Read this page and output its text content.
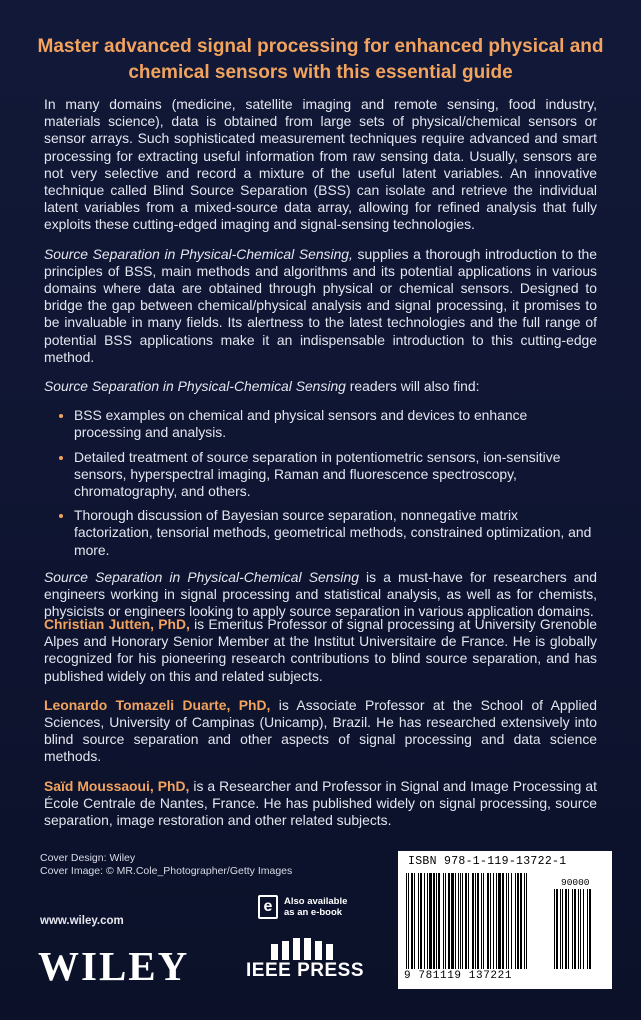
Master advanced signal processing for enhanced physical and chemical sensors with this essential guide

In many domains (medicine, satellite imaging and remote sensing, food industry, materials science), data is obtained from large sets of physical/chemical sensors or sensor arrays. Such sophisticated measurement techniques require advanced and smart processing for extracting useful information from raw sensing data. Usually, sensors are not very selective and record a mixture of the useful latent variables. An innovative technique called Blind Source Separation (BSS) can isolate and retrieve the individual latent variables from a mixed-source data array, allowing for refined analysis that fully exploits these cutting-edged imaging and signal-sensing technologies.

Source Separation in Physical-Chemical Sensing, supplies a thorough introduction to the principles of BSS, main methods and algorithms and its potential applications in various domains where data are obtained through physical or chemical sensors. Designed to bridge the gap between chemical/physical analysis and signal processing, it promises to be invaluable in many fields. Its alertness to the latest technologies and the full range of potential BSS applications make it an indispensable introduction to this cutting-edge method.

Source Separation in Physical-Chemical Sensing readers will also find:

• BSS examples on chemical and physical sensors and devices to enhance processing and analysis.
• Detailed treatment of source separation in potentiometric sensors, ion-sensitive sensors, hyperspectral imaging, Raman and fluorescence spectroscopy, chromatography, and others.
• Thorough discussion of Bayesian source separation, nonnegative matrix factorization, tensorial methods, geometrical methods, constrained optimization, and more.

Source Separation in Physical-Chemical Sensing is a must-have for researchers and engineers working in signal processing and statistical analysis, as well as for chemists, physicists or engineers looking to apply source separation in various application domains.

Christian Jutten, PhD, is Emeritus Professor of signal processing at University Grenoble Alpes and Honorary Senior Member at the Institut Universitaire de France. He is globally recognized for his pioneering research contributions to blind source separation, and has published widely on this and related subjects.

Leonardo Tomazeli Duarte, PhD, is Associate Professor at the School of Applied Sciences, University of Campinas (Unicamp), Brazil. He has researched extensively into blind source separation and other aspects of signal processing and data science methods.

Saïd Moussaoui, PhD, is a Researcher and Professor in Signal and Image Processing at École Centrale de Nantes, France. He has published widely on signal processing, source separation, image restoration and other related subjects.

Cover Design: Wiley
Cover Image: © MR.Cole_Photographer/Getty Images
www.wiley.com
WILEY
e	Also available as an e-book
IEEE PRESS
ISBN 978-1-119-13722-1
90000
9 781119 137221
